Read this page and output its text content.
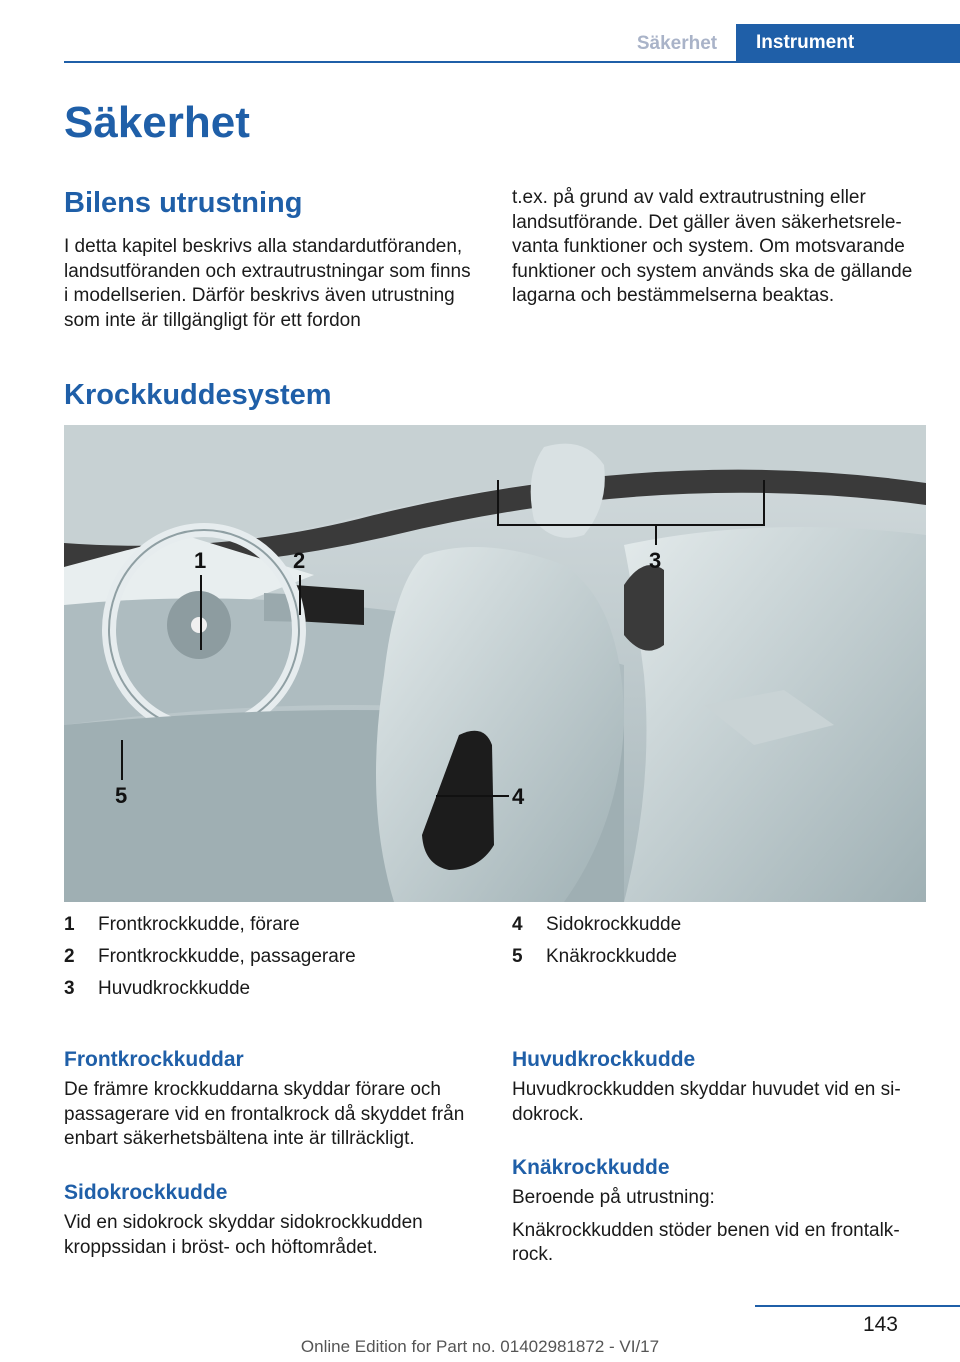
Säkerhet	Instrument
Säkerhet
Bilens utrustning

I detta kapitel beskrivs alla standardutföranden, landsutföranden och extrautrustningar som finns i modellserien. Därför beskrivs även utrustning som inte är tillgängligt för ett fordon

t.ex. på grund av vald extrautrustning eller landsutförande. Det gäller även säkerhetsrelevanta funktioner och system. Om motsvarande funktioner och system används ska de gällande lagarna och bestämmelserna beaktas.

Krockkuddesystem
1	2	3
4
5
1	Frontkrockkudde, förare
2	Frontkrockkudde, passagerare
3	Huvudkrockkudde
4	Sidokrockkudde
5	Knäkrockkudde
Frontkrockkuddar

De främre krockkuddarna skyddar förare och passagerare vid en frontalkrock då skyddet från enbart säkerhetsbältena inte är tillräckligt.

Sidokrockkudde

Vid en sidokrock skyddar sidokrockkudden kroppssidan i bröst- och höftområdet.

Huvudkrockkudde

Huvudkrockkudden skyddar huvudet vid en sidokrock.

Knäkrockkudde

Beroende på utrustning:

Knäkrockkudden stöder benen vid en frontalkrock.

143
Online Edition for Part no. 01402981872 - VI/17
